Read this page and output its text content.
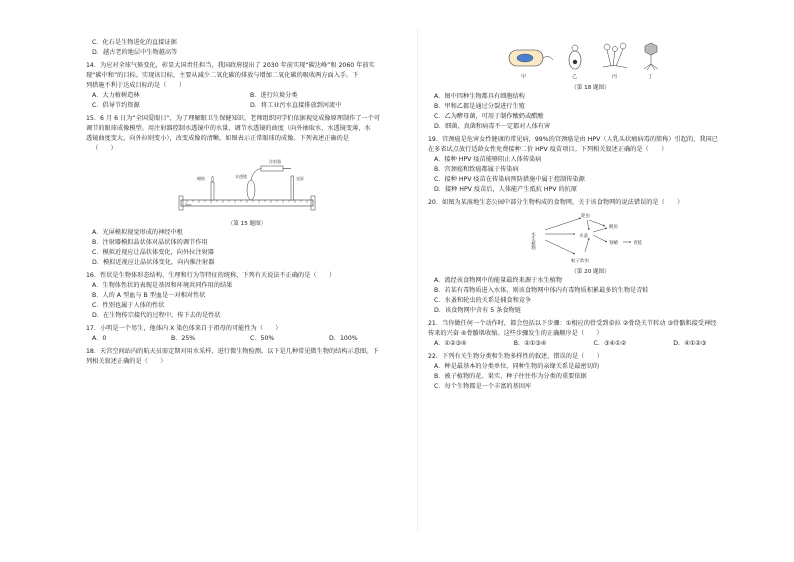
C．化石是生物进化的直接证据
D．越古老的地层中生物越高等
14．为应对全球气候变化，彰显大国责任担当，我国政府提出了 2030 年前实现“碳达峰”和 2060 年前实
现“碳中和”的目标。实现该目标，主要从减少二氧化碳的排放与增加二氧化碳的吸收两方面入手。下
列措施不利于达成目标的是（　　）
A．大力植树造林	B．进行垃圾分类
C．倡导节约资源	D．将工业污水直接排放到河流中
15．6 月 6 日为“全国爱眼日”，为了理解眼卫生保健知识，老师组织同学们依据视觉成像原理制作了一个可
调节的眼球成像模型。用注射器控制水透镜中的水量，调节水透镜的曲度（向外抽取水，水透镜变薄，水
透镜曲度变大，向外拉则变小），改变成像的清晰。如图表示正常眼球的成像。下列表述正确的是
（　　）
蜡烛	水透镜
注射器
光屏
0cm
（第 15 题图）
A．光屏模拟视觉形成的神经中枢
B．注射器模拟晶状体对晶状体的调节作用
C．模拟近视应让晶状体变化，向外拉注射器
D．模拟近视应让晶状体变化，向内推注射器
16．性状是生物体形态结构、生理和行为等特征的统称，下列有关说法不正确的是（　　）
A．生物体性状的表现是基因和环境共同作用的结果
B．人的 A 型血与 B 型血是一对相对性状
C．性别也属于人体的性状
D．在生物传宗接代的过程中，传下去的是性状
17．小明是一个男生，他体内 X 染色体来自于祖母的可能性为（　　）
A．0	B．25%	C．50%	D．100%
18．天宫空间站内的航天员需定期对用水采样，进行微生物检测。以下是几种常见微生物的结构示意图。下
列相关叙述正确的是（　　）
甲	乙	丙	丁
（第 18 题图）
A．图中四种生物都具有细胞结构
B．甲和乙都是通过分裂进行生殖
C．乙为酵母菌，可用于制作酸奶或醋酸
D．细菌、真菌和病毒不一定都对人体有害
19．宫颈癌是危害女性健康的常见病，99%的宫颈癌是由 HPV（人乳头状瘤病毒的简称）引起的，我国已
在多省试点放行适龄女性免费接种二价 HPV 疫苗项目。下列相关叙述正确的是（　　）
A．接种 HPV 疫苗能够阻止人体传染病
B．宫颈癌和致癌都属于传染病
C．接种 HPV 疫苗在传染病预防措施中属于控制传染源
D．接种 HPV 疫苗后，人体能产生抵抗 HPV 的抗原
20．如图为某湿地生态公园中部分生物构成的食物网，关于该食物网的说法错误的是（　　）
水生植物
轮虫
水蚤
鲢鱼
划蝽	青蛙
蚊子幼虫
（第 20 题图）
A．流经该食物网中的能量最终来源于水生植物
B．若某有毒物质进入水体，则该食物网中体内有毒物质积累最多的生物是青蛙
C．水蚤和轮虫的关系是捕食和竞争
D．该食物网中含有 5 条食物链
21．当你做任何一个动作时，都会包括以下步骤：①相应的骨受到牵拉 ②骨绕关节转动 ③骨骼肌接受神经
传来的兴奋 ④骨骼肌收缩。这些步骤发生的正确顺序是（　　）
A．①②③④	B．②①③④	C．③④①②	D．④①②③
22．下列有关生物分类和生物多样性的叙述，错误的是（　　）
A．种是最基本的分类单位，同种生物的亲缘关系是最密切的
B．被子植物的花、果实、种子往往作为分类的重要依据
C．每个生物都是一个丰富的基因库
